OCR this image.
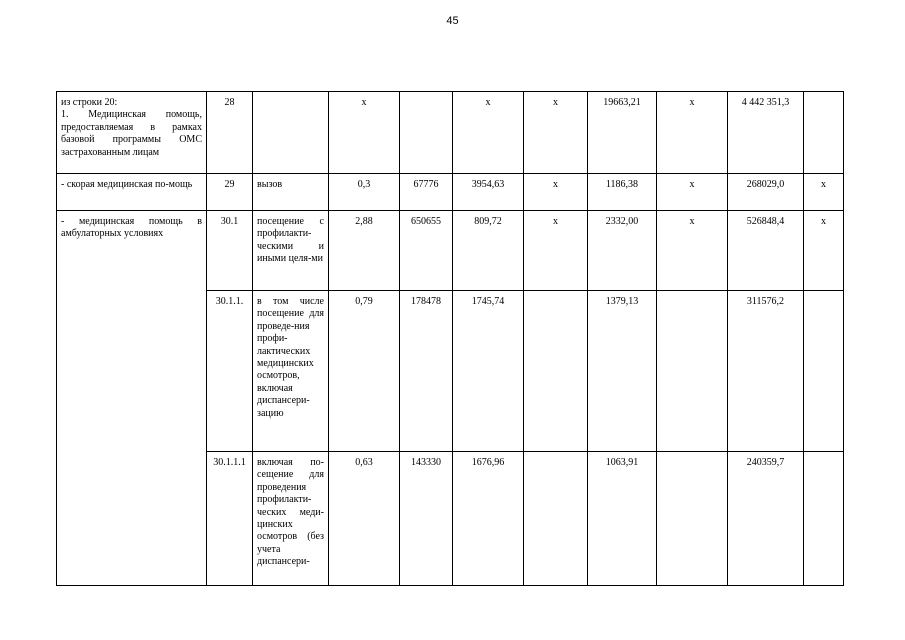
45
из строки 20:
1. Медицинская помощь, предоставляемая в рамках базовой программы ОМС застрахованным лицам	28		х		х	х	19663,21	х	4 442 351,3	
- скорая медицинская по-мощь	29	вызов	0,3	67776	3954,63	х	1186,38	х	268029,0	х
- медицинская помощь в амбулаторных условиях	30.1	посещение с профилакти-ческими и иными целя-ми	2,88	650655	809,72	х	2332,00	х	526848,4	х
	30.1.1.	в том числе посещение для проведе-ния профи-лактических медицинских осмотров, включая диспансери-зацию	0,79	178478	1745,74		1379,13		311576,2	
	30.1.1.1	включая по-сещение для проведения профилакти-ческих меди-цинских осмотров (без учета диспансери-	0,63	143330	1676,96		1063,91		240359,7	
